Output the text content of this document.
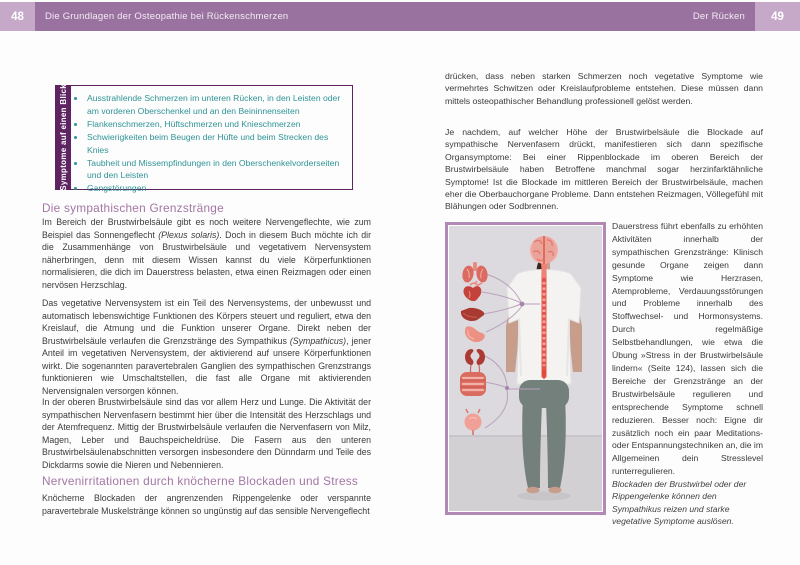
48	Die Grundlagen der Osteopathie bei Rückenschmerzen	Der Rücken	49
Symptome auf einen Blick • Ausstrahlende Schmerzen im unteren Rücken, in den Leisten oder am vorderen Oberschenkel und an den Beininnenseiten
• Flankenschmerzen, Hüftschmerzen und Knieschmerzen
• Schwierigkeiten beim Beugen der Hüfte und beim Strecken des Knies
• Taubheit und Missempfindungen in den Oberschenkelvorderseiten und den Leisten
• Gangstörungen
Die sympathischen Grenzstränge

Im Bereich der Brustwirbelsäule gibt es noch weitere Nervengeflechte, wie zum Beispiel das Sonnengeflecht (Plexus solaris). Doch in diesem Buch möchte ich dir die Zusammenhänge von Brustwirbelsäule und vegetativem Nervensystem näherbringen, denn mit diesem Wissen kannst du viele Körperfunktionen normalisieren, die dich im Dauerstress belasten, etwa einen Reizmagen oder einen nervösen Herzschlag.

Das vegetative Nervensystem ist ein Teil des Nervensystems, der unbewusst und automatisch lebenswichtige Funktionen des Körpers steuert und reguliert, etwa den Kreislauf, die Atmung und die Funktion unserer Organe. Direkt neben der Brustwirbelsäule verlaufen die Grenzstränge des Sympathikus (Sympathicus), jener Anteil im vegetativen Nervensystem, der aktivierend auf unsere Körperfunktionen wirkt. Die sogenannten paravertebralen Ganglien des sympathischen Grenzstrangs funktionieren wie Umschaltstellen, die fast alle Organe mit aktivierenden Nervensignalen versorgen können.

In der oberen Brustwirbelsäule sind das vor allem Herz und Lunge. Die Aktivität der sympathischen Nervenfasern bestimmt hier über die Intensität des Herzschlags und der Atemfrequenz. Mittig der Brustwirbelsäule verlaufen die Nervenfasern von Milz, Magen, Leber und Bauchspeicheldrüse. Die Fasern aus den unteren Brustwirbelsäulenabschnitten versorgen insbesondere den Dünndarm und Teile des Dickdarms sowie die Nieren und Nebennieren.

Nervenirritationen durch knöcherne Blockaden und Stress

Knöcherne Blockaden der angrenzenden Rippengelenke oder verspannte paravertebrale Muskelstränge können so ungünstig auf das sensible Nervengeflecht

drücken, dass neben starken Schmerzen noch vegetative Symptome wie vermehrtes Schwitzen oder Kreislaufprobleme entstehen. Diese müssen dann mittels osteopathischer Behandlung professionell gelöst werden.

Je nachdem, auf welcher Höhe der Brustwirbelsäule die Blockade auf sympathische Nervenfasern drückt, manifestieren sich dann spezifische Organsymptome: Bei einer Rippenblockade im oberen Bereich der Brustwirbelsäule haben Betroffene manchmal sogar herzinfarktähnliche Symptome! Ist die Blockade im mittleren Bereich der Brustwirbelsäule, machen eher die Oberbauchorgane Probleme. Dann entstehen Reizmagen, Völlegefühl mit Blähungen oder Sodbrennen.

Dauerstress führt ebenfalls zu erhöhten Aktivitäten innerhalb der sympathischen Grenzstränge: Klinisch gesunde Organe zeigen dann Symptome wie Herzrasen, Atemprobleme, Verdauungsstörungen und Probleme innerhalb des Stoffwechsel- und Hormonsystems. Durch regelmäßige Selbstbehandlungen, wie etwa die Übung »Stress in der Brustwirbelsäule lindern« (Seite 124), lassen sich die Bereiche der Grenzstränge an der Brustwirbelsäule regulieren und entsprechende Symptome schnell reduzieren. Besser noch: Eigne dir zusätzlich noch ein paar Meditations- oder Entspannungstechniken an, die im Allgemeinen dein Stresslevel runterregulieren.

Blockaden der Brustwirbel oder der Rippengelenke können den Sympathikus reizen und starke vegetative Symptome auslösen.
